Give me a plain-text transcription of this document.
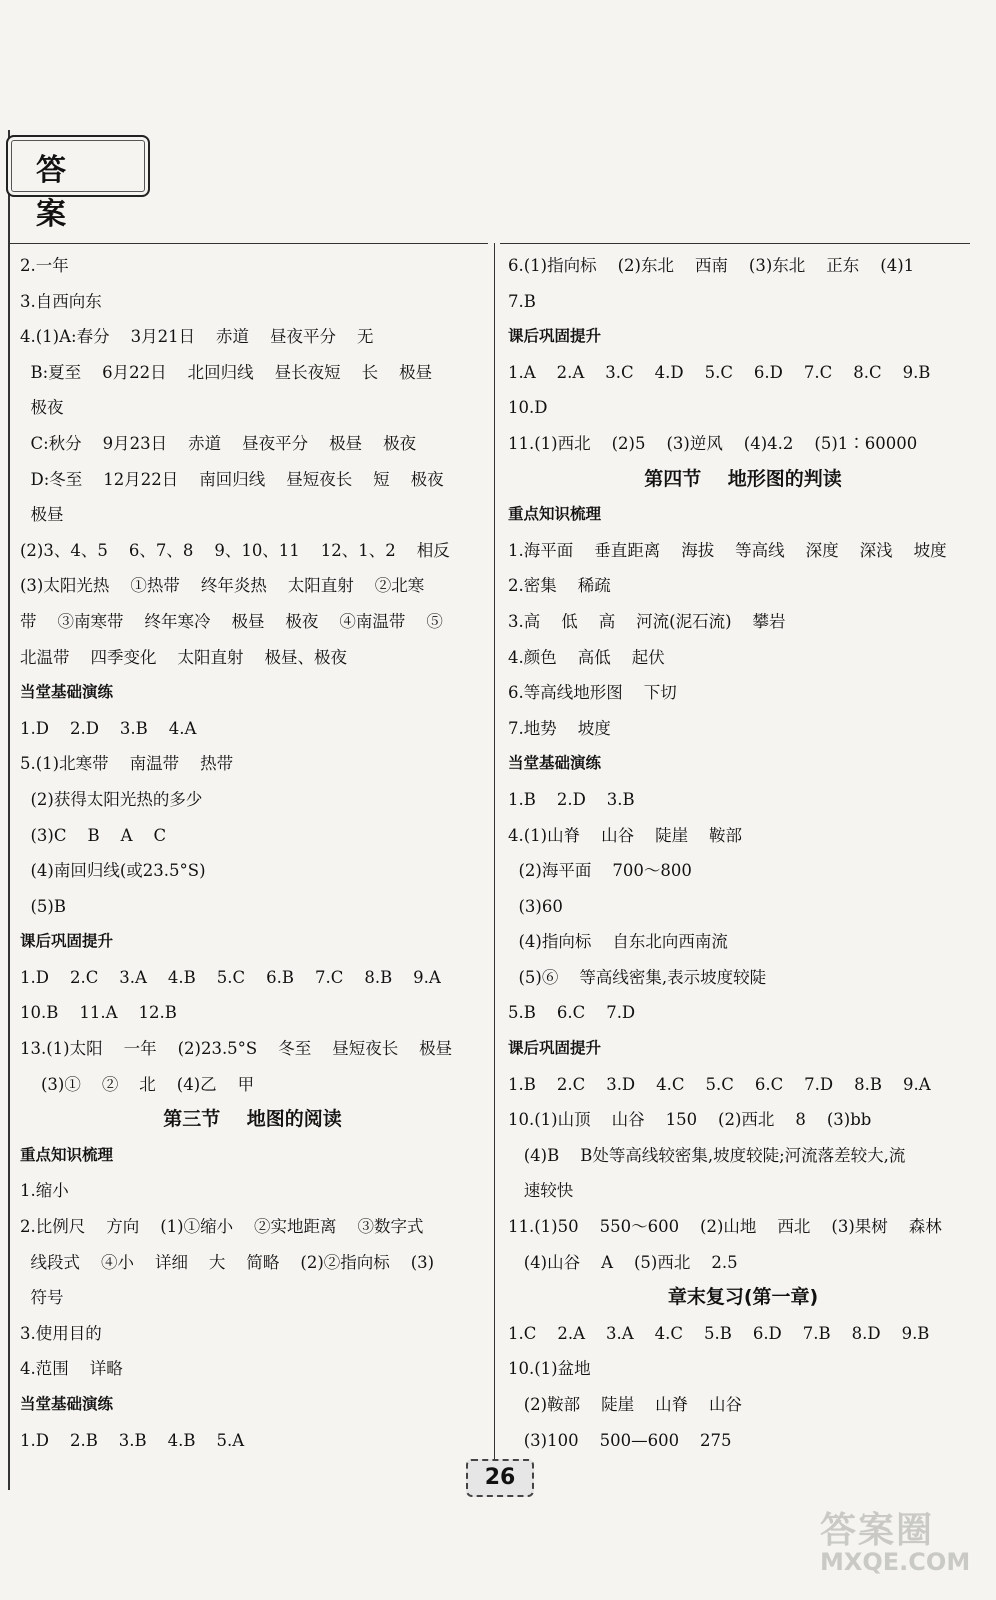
答 案
2.一年
3.自西向东
4.(1)A:春分    3月21日    赤道    昼夜平分    无
B:夏至    6月22日    北回归线    昼长夜短    长    极昼
极夜
C:秋分    9月23日    赤道    昼夜平分    极昼    极夜
D:冬至    12月22日    南回归线    昼短夜长    短    极夜
极昼
(2)3、4、5    6、7、8    9、10、11    12、1、2    相反
(3)太阳光热    ①热带    终年炎热    太阳直射    ②北寒
带    ③南寒带    终年寒冷    极昼    极夜    ④南温带    ⑤
北温带    四季变化    太阳直射    极昼、极夜
当堂基础演练
1.D    2.D    3.B    4.A
5.(1)北寒带    南温带    热带
(2)获得太阳光热的多少
(3)C    B    A    C
(4)南回归线(或23.5°S)
(5)B
课后巩固提升
1.D    2.C    3.A    4.B    5.C    6.B    7.C    8.B    9.A
10.B    11.A    12.B
13.(1)太阳    一年    (2)23.5°S    冬至    昼短夜长    极昼
(3)①    ②    北    (4)乙    甲
第三节    地图的阅读
重点知识梳理
1.缩小
2.比例尺    方向    (1)①缩小    ②实地距离    ③数字式
线段式    ④小    详细    大    简略    (2)②指向标    (3)
符号
3.使用目的
4.范围    详略
当堂基础演练
1.D    2.B    3.B    4.B    5.A
6.(1)指向标    (2)东北    西南    (3)东北    正东    (4)1
7.B
课后巩固提升
1.A    2.A    3.C    4.D    5.C    6.D    7.C    8.C    9.B
10.D
11.(1)西北    (2)5    (3)逆风    (4)4.2    (5)1∶60000
第四节    地形图的判读
重点知识梳理
1.海平面    垂直距离    海拔    等高线    深度    深浅    坡度
2.密集    稀疏
3.高    低    高    河流(泥石流)    攀岩
4.颜色    高低    起伏
6.等高线地形图    下切
7.地势    坡度
当堂基础演练
1.B    2.D    3.B
4.(1)山脊    山谷    陡崖    鞍部
(2)海平面    700～800
(3)60
(4)指向标    自东北向西南流
(5)⑥    等高线密集,表示坡度较陡
5.B    6.C    7.D
课后巩固提升
1.B    2.C    3.D    4.C    5.C    6.C    7.D    8.B    9.A
10.(1)山顶    山谷    150    (2)西北    8    (3)bb
(4)B    B处等高线较密集,坡度较陡;河流落差较大,流
速较快
11.(1)50    550～600    (2)山地    西北    (3)果树    森林
(4)山谷    A    (5)西北    2.5
章末复习(第一章)
1.C    2.A    3.A    4.C    5.B    6.D    7.B    8.D    9.B
10.(1)盆地
(2)鞍部    陡崖    山脊    山谷
(3)100    500—600    275
26
答案圈
MXQE.COM
